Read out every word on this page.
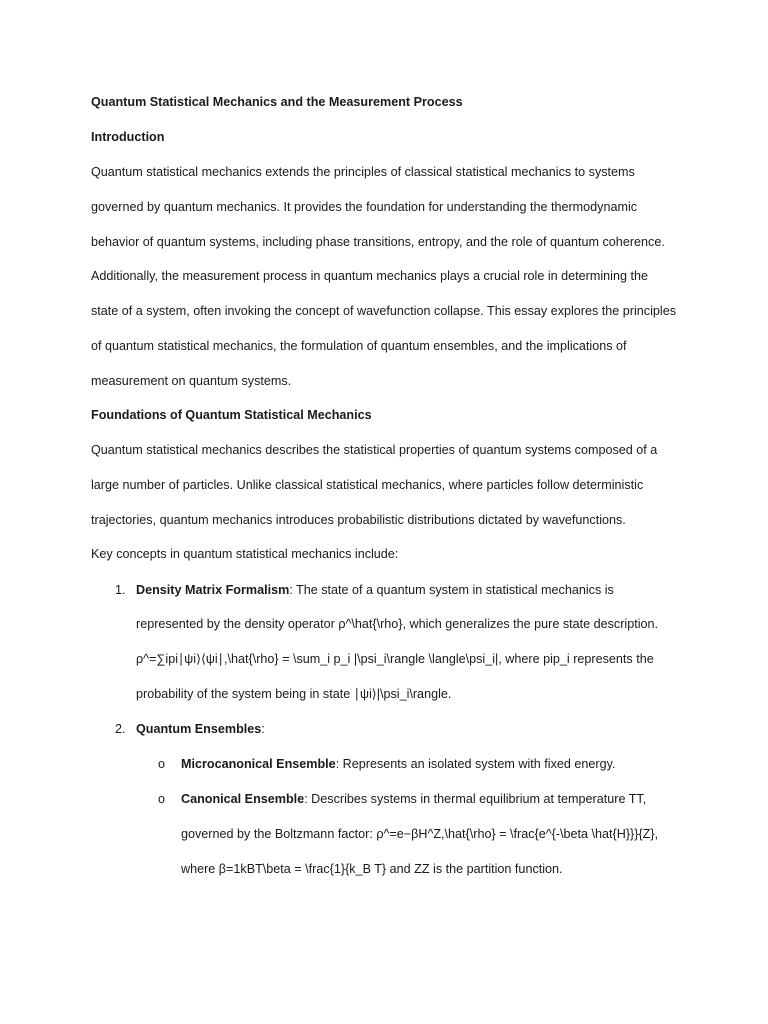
Quantum Statistical Mechanics and the Measurement Process
Introduction
Quantum statistical mechanics extends the principles of classical statistical mechanics to systems
governed by quantum mechanics. It provides the foundation for understanding the thermodynamic
behavior of quantum systems, including phase transitions, entropy, and the role of quantum coherence.
Additionally, the measurement process in quantum mechanics plays a crucial role in determining the
state of a system, often invoking the concept of wavefunction collapse. This essay explores the principles
of quantum statistical mechanics, the formulation of quantum ensembles, and the implications of
measurement on quantum systems.
Foundations of Quantum Statistical Mechanics
Quantum statistical mechanics describes the statistical properties of quantum systems composed of a
large number of particles. Unlike classical statistical mechanics, where particles follow deterministic
trajectories, quantum mechanics introduces probabilistic distributions dictated by wavefunctions.
Key concepts in quantum statistical mechanics include:
1. Density Matrix Formalism: The state of a quantum system in statistical mechanics is
represented by the density operator ρ^\hat{\rho}, which generalizes the pure state description.
ρ^=∑ipi∣ψi⟩⟨ψi∣,\hat{\rho} = \sum_i p_i |\psi_i\rangle \langle\psi_i|, where pip_i represents the
probability of the system being in state ∣ψi⟩|\psi_i\rangle.
2. Quantum Ensembles:
o Microcanonical Ensemble: Represents an isolated system with fixed energy.
o Canonical Ensemble: Describes systems in thermal equilibrium at temperature TT,
governed by the Boltzmann factor: ρ^=e−βH^Z,\hat{\rho} = \frac{e^{-\beta \hat{H}}}{Z},
where β=1kBT\beta = \frac{1}{k_B T} and ZZ is the partition function.
